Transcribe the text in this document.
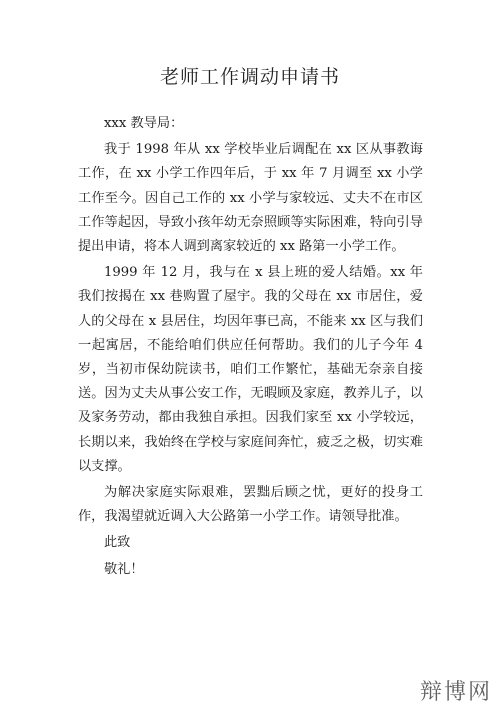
老师工作调动申请书

xxx 教导局：

我于 1998 年从 xx 学校毕业后调配在 xx 区从事教诲工作，在 xx 小学工作四年后，于 xx 年 7 月调至 xx 小学工作至今。因自己工作的 xx 小学与家较远、丈夫不在市区工作等起因，导致小孩年幼无奈照顾等实际困难，特向引导提出申请，将本人调到离家较近的 xx 路第一小学工作。

1999 年 12 月，我与在 x 县上班的爱人结婚。xx 年我们按揭在 xx 巷购置了屋宇。我的父母在 xx 市居住，爱人的父母在 x 县居住，均因年事已高，不能来 xx 区与我们一起寓居，不能给咱们供应任何帮助。我们的儿子今年 4 岁，当初市保幼院读书，咱们工作繁忙，基础无奈亲自接送。因为丈夫从事公安工作，无暇顾及家庭，教养儿子，以及家务劳动，都由我独自承担。因我们家至 xx 小学较远，长期以来，我始终在学校与家庭间奔忙，疲乏之极，切实难以支撑。

为解决家庭实际艰难，罢黜后顾之忧，更好的投身工作，我渴望就近调入大公路第一小学工作。请领导批准。

此致

敬礼！

辩博网
